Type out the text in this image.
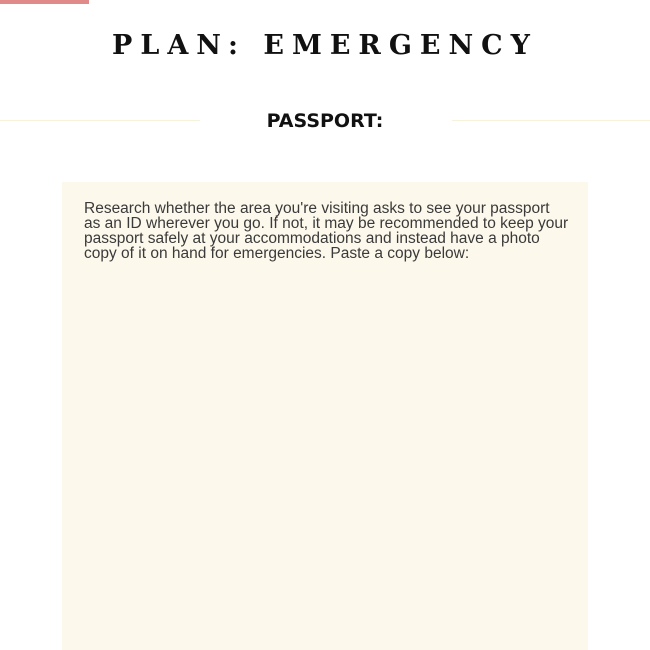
PLAN: EMERGENCY
PASSPORT:

Research whether the area you're visiting asks to see your passport as an ID wherever you go. If not, it may be recommended to keep your passport safely at your accommodations and instead have a photo copy of it on hand for emergencies. Paste a copy below:
